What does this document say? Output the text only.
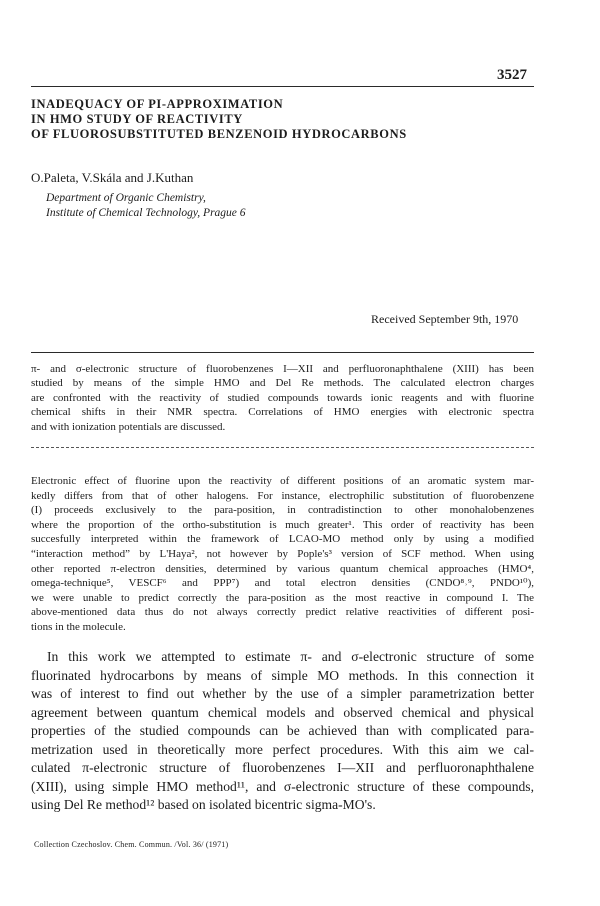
3527
INADEQUACY OF PI-APPROXIMATION
IN HMO STUDY OF REACTIVITY
OF FLUOROSUBSTITUTED BENZENOID HYDROCARBONS
O.Paleta, V.Skála and J.Kuthan
Department of Organic Chemistry,
Institute of Chemical Technology, Prague 6
Received September 9th, 1970
π- and σ-electronic structure of fluorobenzenes I—XII and perfluoronaphthalene (XIII) has been
studied by means of the simple HMO and Del Re methods. The calculated electron charges
are confronted with the reactivity of studied compounds towards ionic reagents and with fluorine
chemical shifts in their NMR spectra. Correlations of HMO energies with electronic spectra
and with ionization potentials are discussed.
Electronic effect of fluorine upon the reactivity of different positions of an aromatic system mar-
kedly differs from that of other halogens. For instance, electrophilic substitution of fluorobenzene
(I) proceeds exclusively to the para-position, in contradistinction to other monohalobenzenes
where the proportion of the ortho-substitution is much greater¹. This order of reactivity has been
succesfully interpreted within the framework of LCAO-MO method only by using a modified
“interaction method” by L'Haya², not however by Pople's³ version of SCF method. When using
other reported π-electron densities, determined by various quantum chemical approaches (HMO⁴,
omega-technique⁵, VESCF⁶ and PPP⁷) and total electron densities (CNDO⁸˒⁹, PNDO¹⁰),
we were unable to predict correctly the para-position as the most reactive in compound I. The
above-mentioned data thus do not always correctly predict relative reactivities of different posi-
tions in the molecule.
In this work we attempted to estimate π- and σ-electronic structure of some
fluorinated hydrocarbons by means of simple MO methods. In this connection it
was of interest to find out whether by the use of a simpler parametrization better
agreement between quantum chemical models and observed chemical and physical
properties of the studied compounds can be achieved than with complicated para-
metrization used in theoretically more perfect procedures. With this aim we cal-
culated π-electronic structure of fluorobenzenes I—XII and perfluoronaphthalene
(XIII), using simple HMO method¹¹, and σ-electronic structure of these compounds,
using Del Re method¹² based on isolated bicentric sigma-MO's.
Collection Czechoslov. Chem. Commun. /Vol. 36/ (1971)
